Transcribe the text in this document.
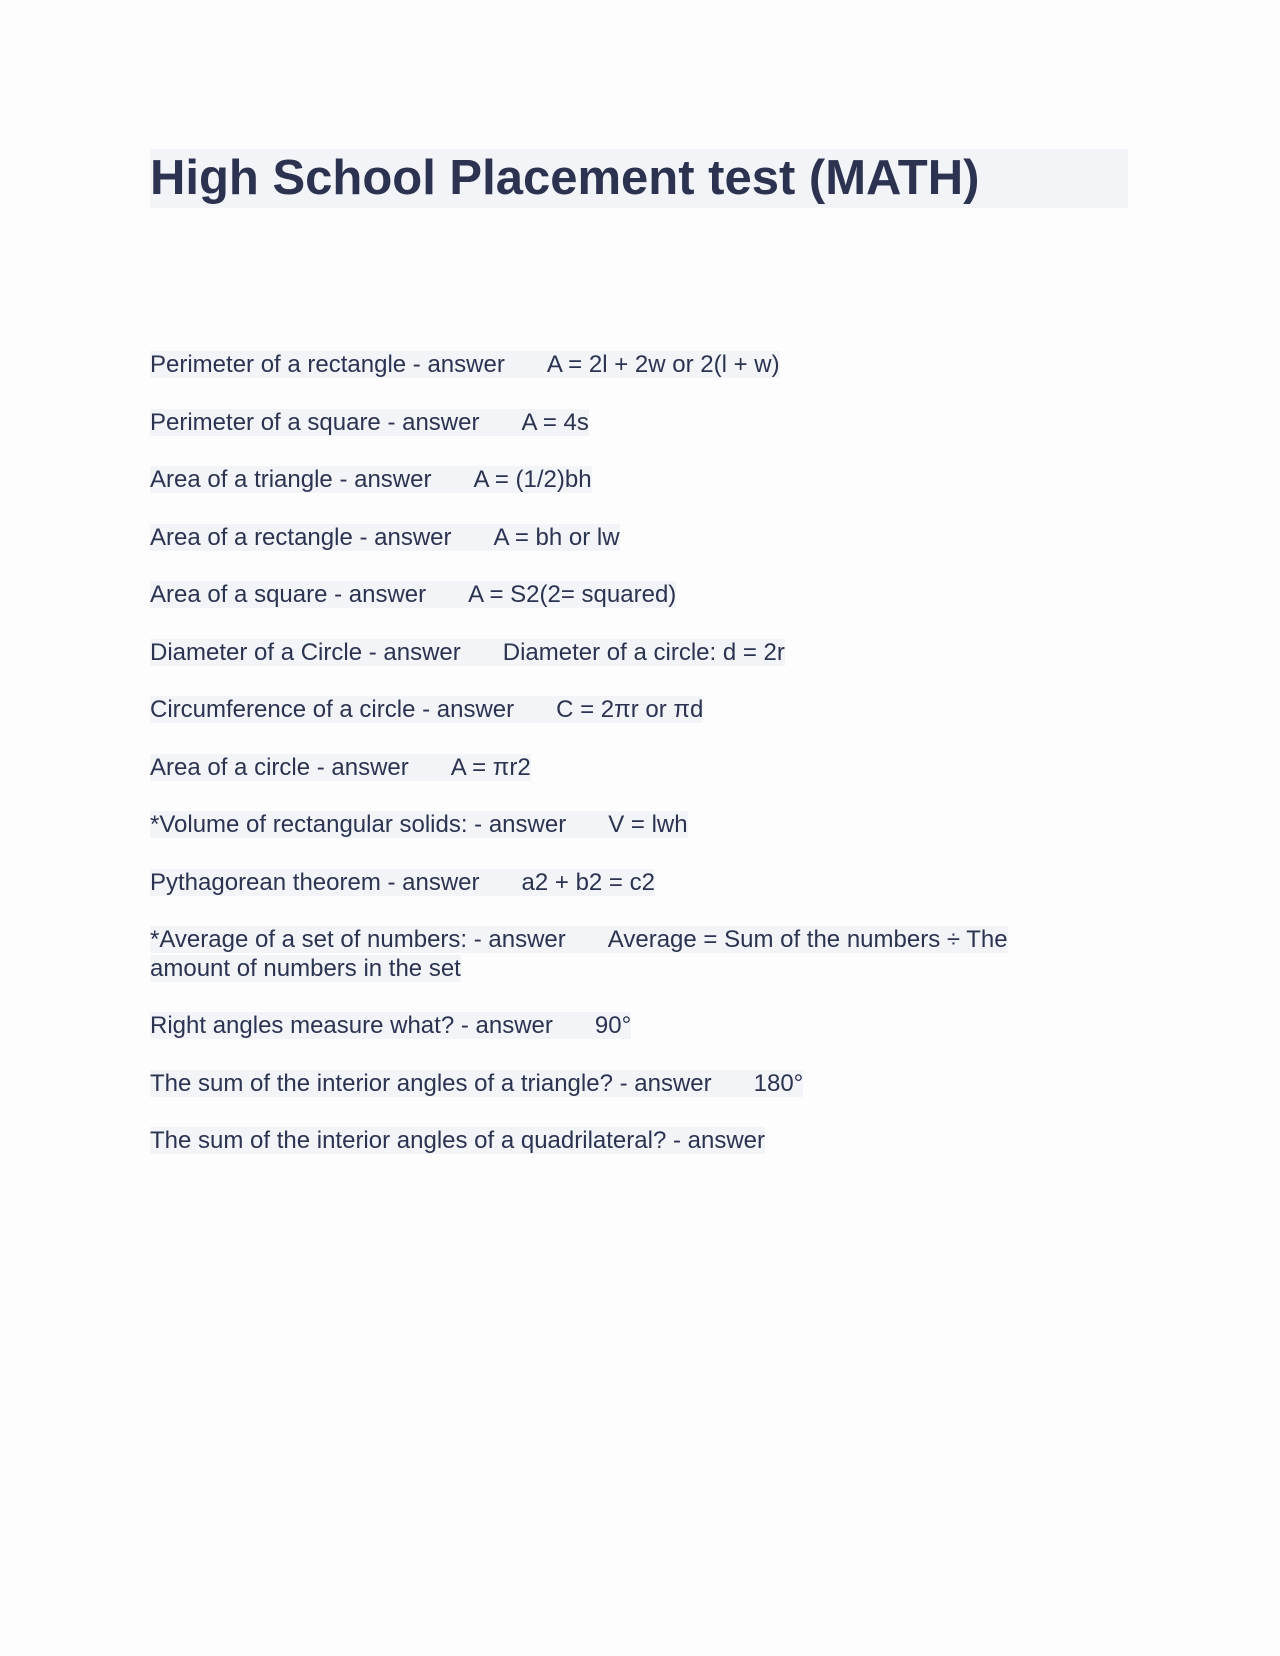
High School Placement test (MATH)
Perimeter of a rectangle - answer A = 2l + 2w or 2(l + w)
Perimeter of a square - answer A = 4s
Area of a triangle - answer A = (1/2)bh
Area of a rectangle - answer A = bh or lw
Area of a square - answer A = S2(2= squared)
Diameter of a Circle - answer Diameter of a circle: d = 2r
Circumference of a circle - answer C = 2πr or πd
Area of a circle - answer A = πr2
*Volume of rectangular solids: - answer V = lwh
Pythagorean theorem - answer a2 + b2 = c2
*Average of a set of numbers: - answer Average = Sum of the numbers ÷ The amount of numbers in the set
Right angles measure what? - answer 90°
The sum of the interior angles of a triangle? - answer 180°
The sum of the interior angles of a quadrilateral? - answer
